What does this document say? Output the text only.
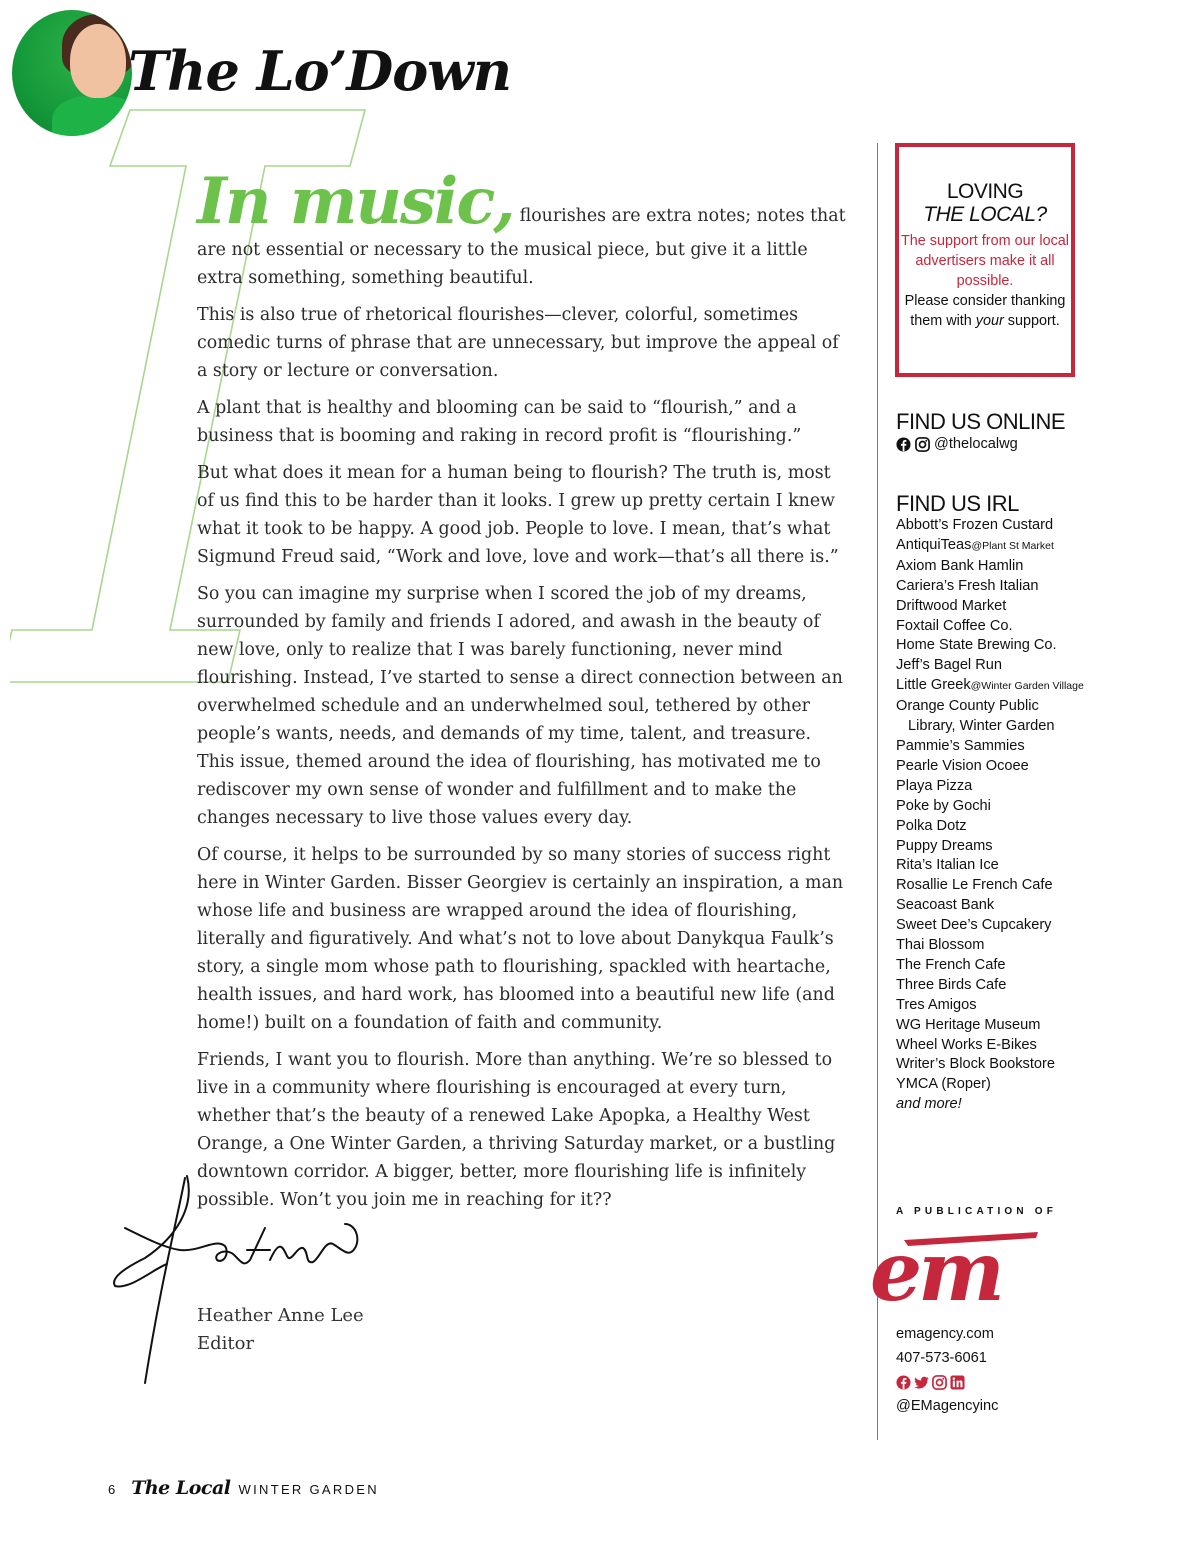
The Lo’Down

In music, flourishes are extra notes; notes that
are not essential or necessary to the musical piece, but give it a little extra something, something beautiful.

This is also true of rhetorical flourishes—clever, colorful, sometimes comedic turns of phrase that are unnecessary, but improve the appeal of a story or lecture or conversation.

A plant that is healthy and blooming can be said to “flourish,” and a business that is booming and raking in record profit is “flourishing.”

But what does it mean for a human being to flourish? The truth is, most of us find this to be harder than it looks. I grew up pretty certain I knew what it took to be happy. A good job. People to love. I mean, that’s what Sigmund Freud said, “Work and love, love and work—that’s all there is.”

So you can imagine my surprise when I scored the job of my dreams, surrounded by family and friends I adored, and awash in the beauty of new love, only to realize that I was barely functioning, never mind flourishing. Instead, I’ve started to sense a direct connection between an overwhelmed schedule and an underwhelmed soul, tethered by other people’s wants, needs, and demands of my time, talent, and treasure. This issue, themed around the idea of flourishing, has motivated me to rediscover my own sense of wonder and fulfillment and to make the changes necessary to live those values every day.

Of course, it helps to be surrounded by so many stories of success right here in Winter Garden. Bisser Georgiev is certainly an inspiration, a man whose life and business are wrapped around the idea of flourishing, literally and figuratively. And what’s not to love about Danykqua Faulk’s story, a single mom whose path to flourishing, spackled with heartache, health issues, and hard work, has bloomed into a beautiful new life (and home!) built on a foundation of faith and community.

Friends, I want you to flourish. More than anything. We’re so blessed to live in a community where flourishing is encouraged at every turn, whether that’s the beauty of a renewed Lake Apopka, a Healthy West Orange, a One Winter Garden, a thriving Saturday market, or a bustling downtown corridor. A bigger, better, more flourishing life is infinitely possible. Won’t you join me in reaching for it??

Heather Anne Lee
Editor
LOVING
THE LOCAL?
The support from our local advertisers make it all possible.
Please consider thanking them with your support.
FIND US ONLINE
@thelocalwg
FIND US IRL
Abbott’s Frozen Custard
AntiquiTeas@Plant St Market
Axiom Bank Hamlin
Cariera’s Fresh Italian
Driftwood Market
Foxtail Coffee Co.
Home State Brewing Co.
Jeff’s Bagel Run
Little Greek@Winter Garden Village
Orange County Public
Library, Winter Garden
Pammie’s Sammies
Pearle Vision Ocoee
Playa Pizza
Poke by Gochi
Polka Dotz
Puppy Dreams
Rita’s Italian Ice
Rosallie Le French Cafe
Seacoast Bank
Sweet Dee’s Cupcakery
Thai Blossom
The French Cafe
Three Birds Cafe
Tres Amigos
WG Heritage Museum
Wheel Works E-Bikes
Writer’s Block Bookstore
YMCA (Roper)
and more!
A PUBLICATION OF
em
emagency.com
407-573-6061
@EMagencyinc
6 The Local WINTER GARDEN
